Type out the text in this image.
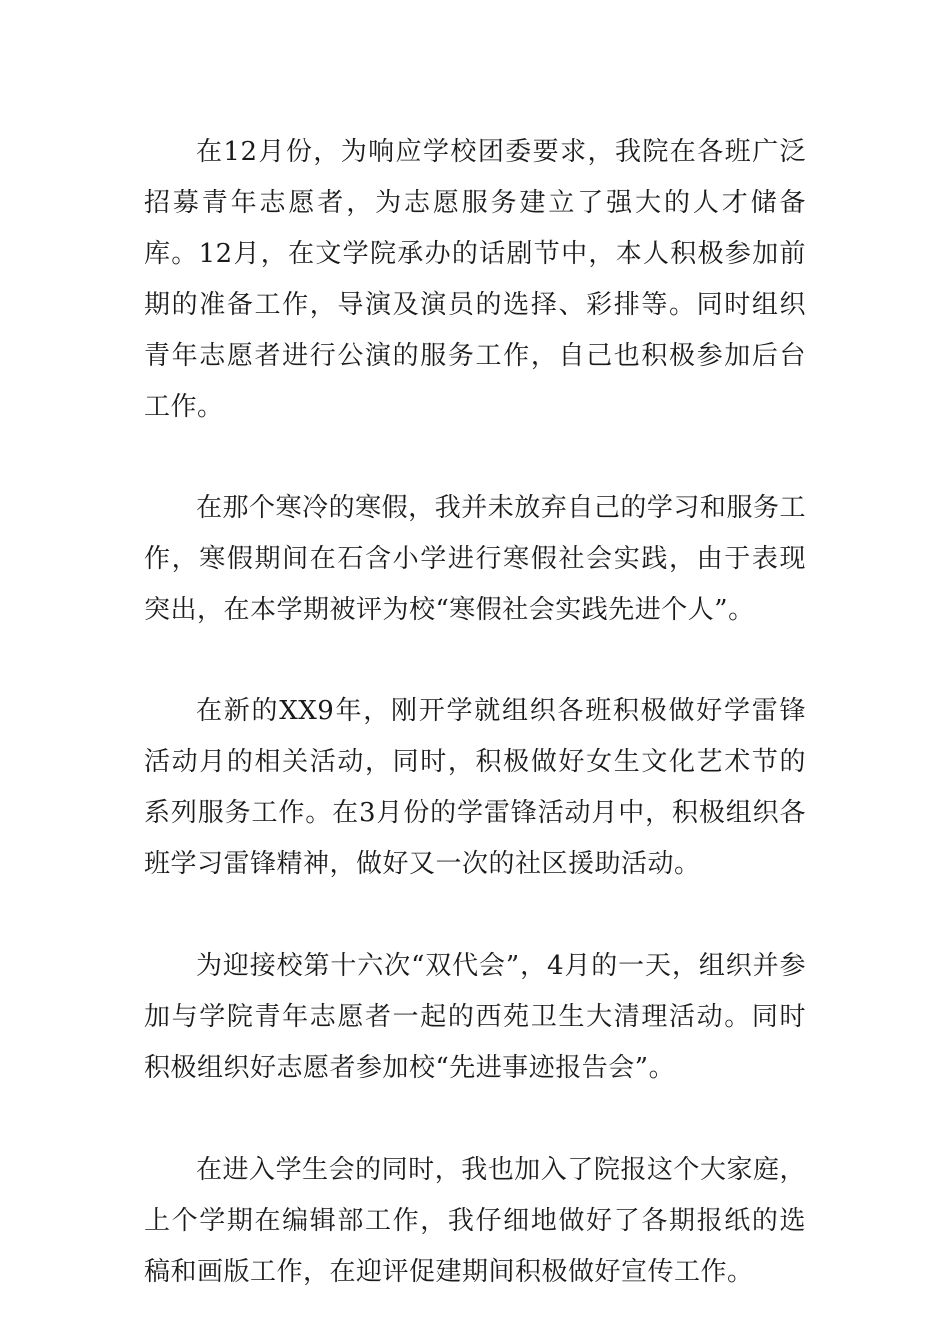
在12月份，为响应学校团委要求，我院在各班广泛招募青年志愿者，为志愿服务建立了强大的人才储备库。12月，在文学院承办的话剧节中，本人积极参加前期的准备工作，导演及演员的选择、彩排等。同时组织青年志愿者进行公演的服务工作，自己也积极参加后台工作。

在那个寒冷的寒假，我并未放弃自己的学习和服务工作，寒假期间在石含小学进行寒假社会实践，由于表现突出，在本学期被评为校“寒假社会实践先进个人”。

在新的XX9年，刚开学就组织各班积极做好学雷锋活动月的相关活动，同时，积极做好女生文化艺术节的系列服务工作。在3月份的学雷锋活动月中，积极组织各班学习雷锋精神，做好又一次的社区援助活动。

为迎接校第十六次“双代会”，4月的一天，组织并参加与学院青年志愿者一起的西苑卫生大清理活动。同时积极组织好志愿者参加校“先进事迹报告会”。

在进入学生会的同时，我也加入了院报这个大家庭，上个学期在编辑部工作，我仔细地做好了各期报纸的选稿和画版工作，在迎评促建期间积极做好宣传工作。
